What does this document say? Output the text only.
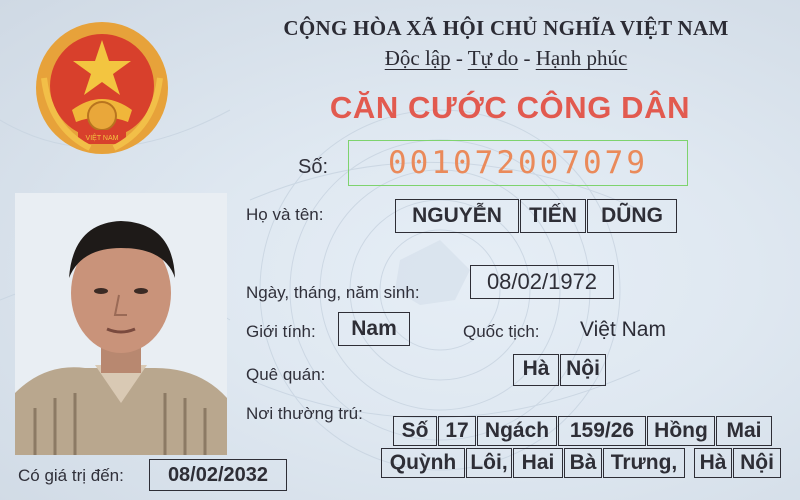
VIỆT NAM
CỘNG HÒA XÃ HỘI CHỦ NGHĨA VIỆT NAM
Độc lập - Tự do - Hạnh phúc
CĂN CƯỚC CÔNG DÂN
Số:	001072007079
Họ và tên:	NGUYỄN	TIẾN	DŨNG
Ngày, tháng, năm sinh:	08/02/1972
Giới tính:	Nam	Quốc tịch: Việt Nam
Quê quán:	Hà Nội
Nơi thường trú:
Số 17 Ngách 159/26 Hồng Mai
Quỳnh Lôi, Hai Bà Trưng,	Hà Nội
Có giá trị đến:	08/02/2032
